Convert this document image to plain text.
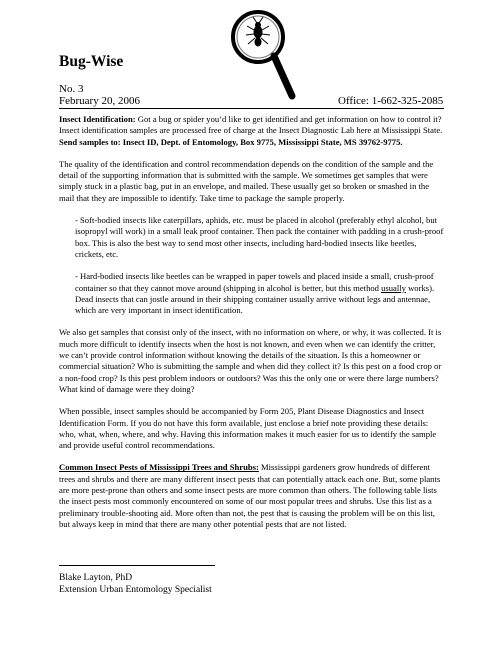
Bug-Wise
No. 3
February 20, 2006	Office: 1-662-325-2085

Insect Identification: Got a bug or spider you’d like to get identified and get information on how to control it? Insect identification samples are processed free of charge at the Insect Diagnostic Lab here at Mississippi State. Send samples to: Insect ID, Dept. of Entomology, Box 9775, Mississippi State, MS 39762-9775.

The quality of the identification and control recommendation depends on the condition of the sample and the detail of the supporting information that is submitted with the sample. We sometimes get samples that were simply stuck in a plastic bag, put in an envelope, and mailed. These usually get so broken or smashed in the mail that they are impossible to identify. Take time to package the sample properly.

- Soft-bodied insects like caterpillars, aphids, etc. must be placed in alcohol (preferably ethyl alcohol, but isopropyl will work) in a small leak proof container. Then pack the container with padding in a crush-proof box. This is also the best way to send most other insects, including hard-bodied insects like beetles, crickets, etc.

- Hard-bodied insects like beetles can be wrapped in paper towels and placed inside a small, crush-proof container so that they cannot move around (shipping in alcohol is better, but this method usually works). Dead insects that can jostle around in their shipping container usually arrive without legs and antennae, which are very important in insect identification.

We also get samples that consist only of the insect, with no information on where, or why, it was collected. It is much more difficult to identify insects when the host is not known, and even when we can identify the critter, we can’t provide control information without knowing the details of the situation. Is this a homeowner or commercial situation? Who is submitting the sample and when did they collect it? Is this pest on a food crop or a non-food crop? Is this pest problem indoors or outdoors? Was this the only one or were there large numbers? What kind of damage were they doing?

When possible, insect samples should be accompanied by Form 205, Plant Disease Diagnostics and Insect Identification Form. If you do not have this form available, just enclose a brief note providing these details: who, what, when, where, and why. Having this information makes it much easier for us to identify the sample and provide useful control recommendations.

Common Insect Pests of Mississippi Trees and Shrubs: Mississippi gardeners grow hundreds of different trees and shrubs and there are many different insect pests that can potentially attack each one. But, some plants are more pest-prone than others and some insect pests are more common than others. The following table lists the insect pests most commonly encountered on some of our most popular trees and shrubs. Use this list as a preliminary trouble-shooting aid. More often than not, the pest that is causing the problem will be on this list, but always keep in mind that there are many other potential pests that are not listed.

Blake Layton, PhD
Extension Urban Entomology Specialist
